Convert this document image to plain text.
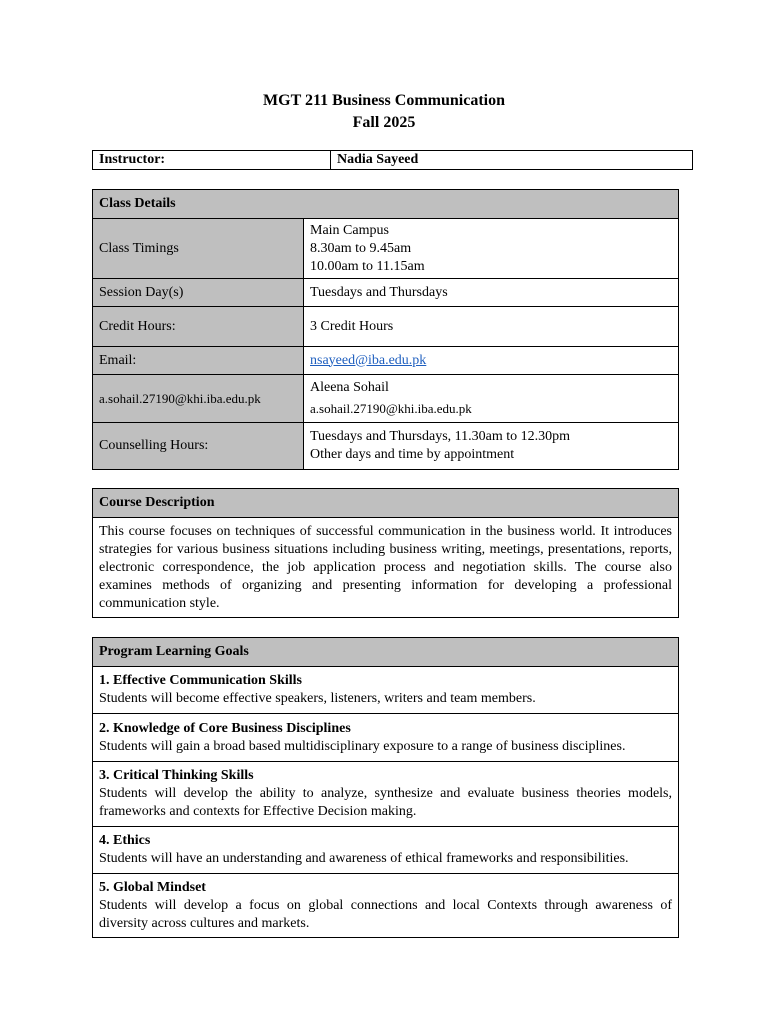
MGT 211 Business Communication
Fall 2025
Instructor:	Nadia Sayeed
Class Details	
Class Timings	Main Campus
8.30am to 9.45am
10.00am to 11.15am

Session Day(s)	Tuesdays and Thursdays
Credit Hours:	3 Credit Hours
Email:	nsayeed@iba.edu.pk
a.sohail.27190@khi.iba.edu.pk	Aleena Sohail
a.sohail.27190@khi.iba.edu.pk

Counselling Hours:	Tuesdays and Thursdays, 11.30am to 12.30pm
Other days and time by appointment
Course Description
This course focuses on techniques of successful communication in the business world. It introduces strategies for various business situations including business writing, meetings, presentations, reports, electronic correspondence, the job application process and negotiation skills. The course also examines methods of organizing and presenting information for developing a professional communication style.
Program Learning Goals

1. Effective Communication Skills
Students will become effective speakers, listeners, writers and team members.

2. Knowledge of Core Business Disciplines
Students will gain a broad based multidisciplinary exposure to a range of business disciplines.

3. Critical Thinking Skills
Students will develop the ability to analyze, synthesize and evaluate business theories models, frameworks and contexts for Effective Decision making.

4. Ethics
Students will have an understanding and awareness of ethical frameworks and responsibilities.

5. Global Mindset
Students will develop a focus on global connections and local Contexts through awareness of diversity across cultures and markets.
